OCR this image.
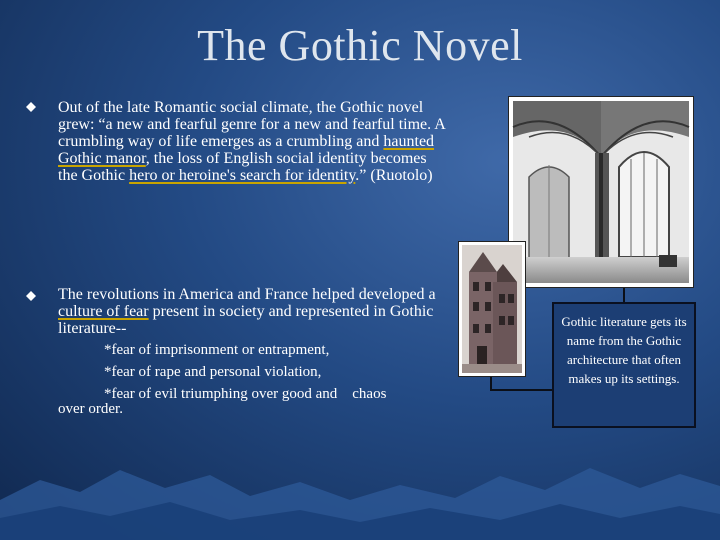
The Gothic Novel
Out of the late Romantic social climate, the Gothic novel grew: “a new and fearful genre for a new and fearful time. A crumbling way of life emerges as a crumbling and haunted Gothic manor, the loss of English social identity becomes the Gothic hero or heroine's search for identity.” (Ruotolo)
The revolutions in America and France helped developed a culture of fear present in society and represented in Gothic literature--
*fear of imprisonment or entrapment,
*fear of rape and personal violation,
*fear of evil triumphing over good and    chaos
over order.
Gothic literature gets its name from the Gothic architecture that often makes up its settings.
